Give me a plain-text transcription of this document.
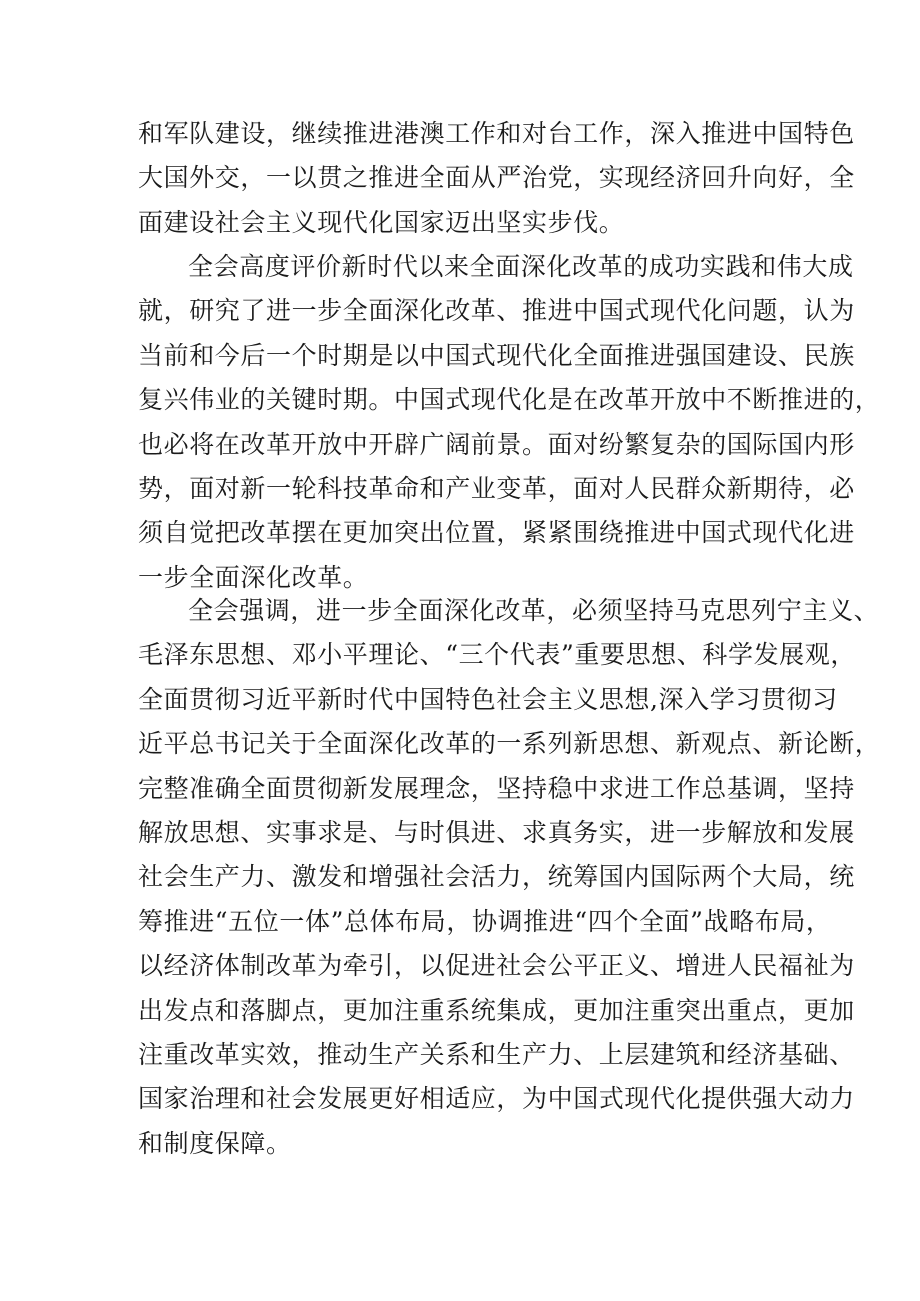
和军队建设，继续推进港澳工作和对台工作，深入推进中国特色
大国外交，一以贯之推进全面从严治党，实现经济回升向好，全
面建设社会主义现代化国家迈出坚实步伐。
全会高度评价新时代以来全面深化改革的成功实践和伟大成
就，研究了进一步全面深化改革、推进中国式现代化问题，认为
当前和今后一个时期是以中国式现代化全面推进强国建设、民族
复兴伟业的关键时期。中国式现代化是在改革开放中不断推进的，
也必将在改革开放中开辟广阔前景。面对纷繁复杂的国际国内形
势，面对新一轮科技革命和产业变革，面对人民群众新期待，必
须自觉把改革摆在更加突出位置，紧紧围绕推进中国式现代化进
一步全面深化改革。
全会强调，进一步全面深化改革，必须坚持马克思列宁主义、
毛泽东思想、邓小平理论、“三个代表”重要思想、科学发展观，
全面贯彻习近平新时代中国特色社会主义思想,深入学习贯彻习
近平总书记关于全面深化改革的一系列新思想、新观点、新论断，
完整准确全面贯彻新发展理念，坚持稳中求进工作总基调，坚持
解放思想、实事求是、与时俱进、求真务实，进一步解放和发展
社会生产力、激发和增强社会活力，统筹国内国际两个大局，统
筹推进“五位一体”总体布局，协调推进“四个全面”战略布局，
以经济体制改革为牵引，以促进社会公平正义、增进人民福祉为
出发点和落脚点，更加注重系统集成，更加注重突出重点，更加
注重改革实效，推动生产关系和生产力、上层建筑和经济基础、
国家治理和社会发展更好相适应，为中国式现代化提供强大动力
和制度保障。
